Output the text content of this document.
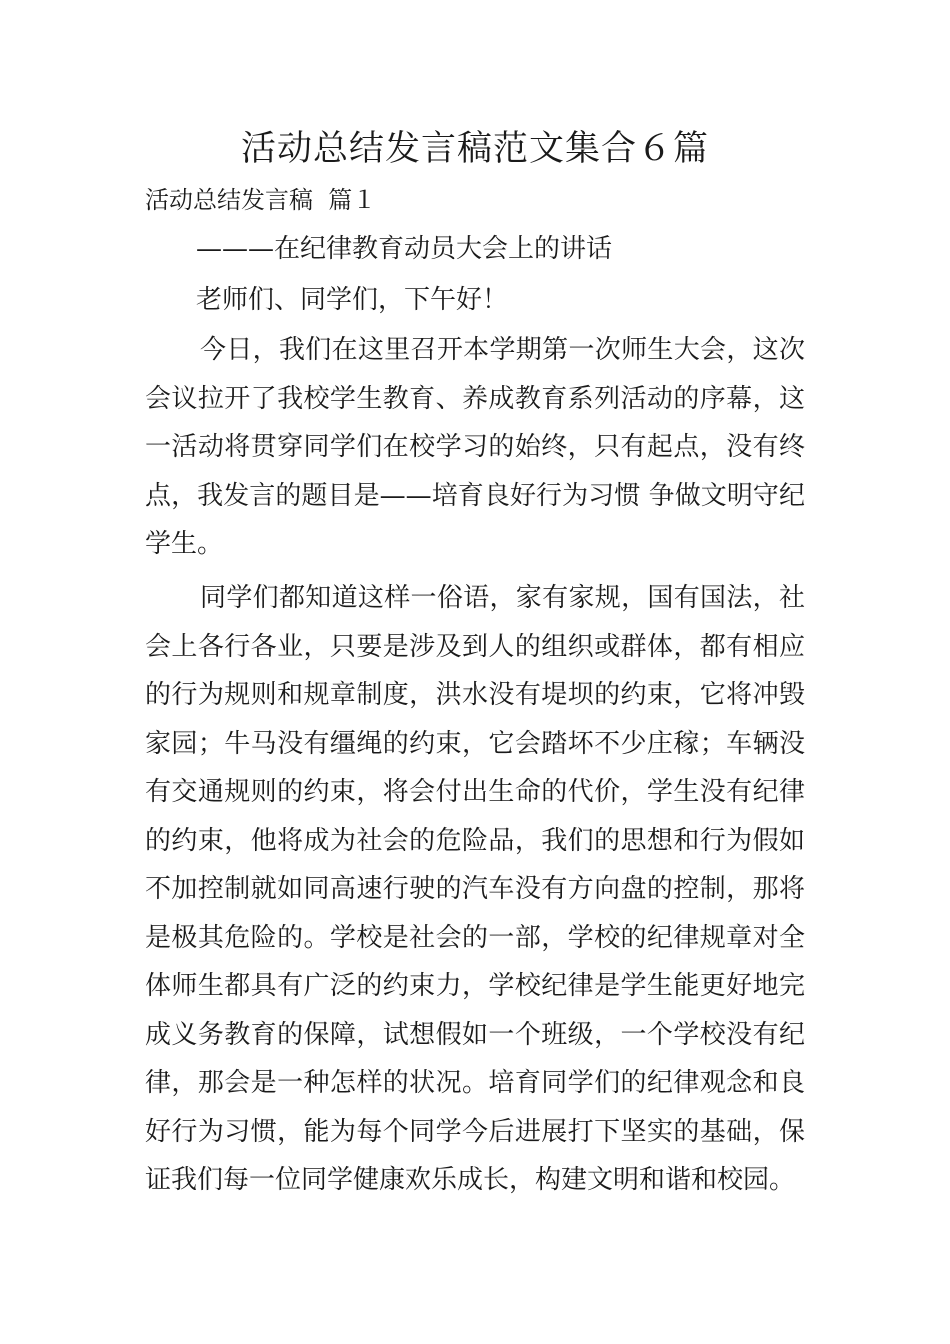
活动总结发言稿范文集合６篇

活动总结发言稿  篇１

———在纪律教育动员大会上的讲话

老师们、同学们，下午好！

今日，我们在这里召开本学期第一次师生大会，这次会议拉开了我校学生教育、养成教育系列活动的序幕，这一活动将贯穿同学们在校学习的始终，只有起点，没有终点，我发言的题目是——培育良好行为习惯 争做文明守纪学生。

同学们都知道这样一俗语，家有家规，国有国法，社会上各行各业，只要是涉及到人的组织或群体，都有相应的行为规则和规章制度，洪水没有堤坝的约束，它将冲毁家园；牛马没有缰绳的约束，它会踏坏不少庄稼；车辆没有交通规则的约束，将会付出生命的代价，学生没有纪律的约束，他将成为社会的危险品，我们的思想和行为假如不加控制就如同高速行驶的汽车没有方向盘的控制，那将是极其危险的。学校是社会的一部，学校的纪律规章对全体师生都具有广泛的约束力，学校纪律是学生能更好地完成义务教育的保障，试想假如一个班级，一个学校没有纪律，那会是一种怎样的状况。培育同学们的纪律观念和良好行为习惯，能为每个同学今后进展打下坚实的基础，保证我们每一位同学健康欢乐成长，构建文明和谐和校园。
